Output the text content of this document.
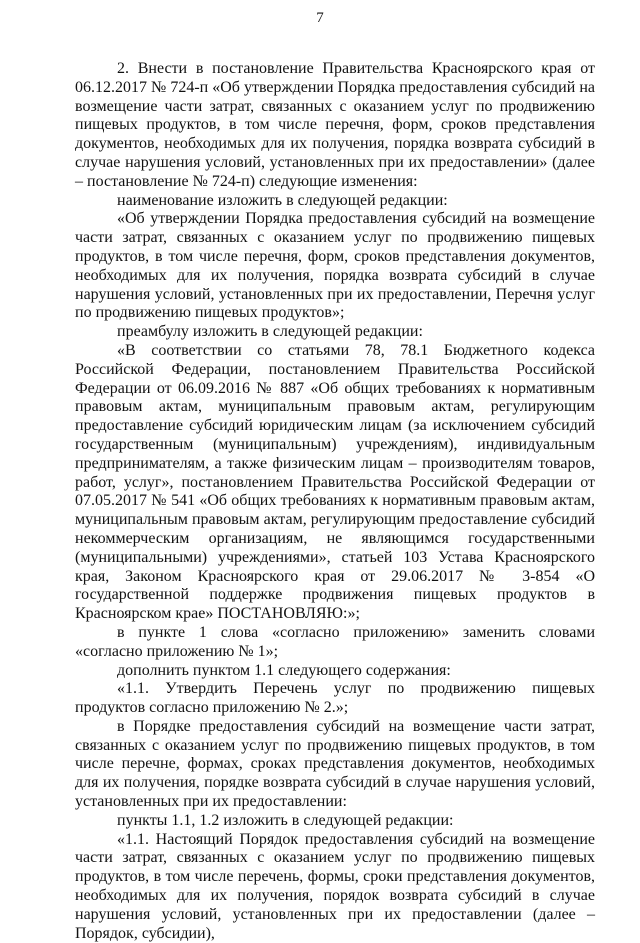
7

2. Внести в постановление Правительства Красноярского края от 06.12.2017 № 724-п «Об утверждении Порядка предоставления субсидий на возмещение части затрат, связанных с оказанием услуг по продвижению пищевых продуктов, в том числе перечня, форм, сроков представления документов, необходимых для их получения, порядка возврата субсидий в случае нарушения условий, установленных при их предоставлении» (далее – постановление № 724-п) следующие изменения:

наименование изложить в следующей редакции:

«Об утверждении Порядка предоставления субсидий на возмещение части затрат, связанных с оказанием услуг по продвижению пищевых продуктов, в том числе перечня, форм, сроков представления документов, необходимых для их получения, порядка возврата субсидий в случае нарушения условий, установленных при их предоставлении, Перечня услуг по продвижению пищевых продуктов»;

преамбулу изложить в следующей редакции:

«В соответствии со статьями 78, 78.1 Бюджетного кодекса Российской Федерации, постановлением Правительства Российской Федерации от 06.09.2016 № 887 «Об общих требованиях к нормативным правовым актам, муниципальным правовым актам, регулирующим предоставление субсидий юридическим лицам (за исключением субсидий государственным (муниципальным) учреждениям), индивидуальным предпринимателям, а также физическим лицам – производителям товаров, работ, услуг», постановлением Правительства Российской Федерации от 07.05.2017 № 541 «Об общих требованиях к нормативным правовым актам, муниципальным правовым актам, регулирующим предоставление субсидий некоммерческим организациям, не являющимся государственными (муниципальными) учреждениями», статьей 103 Устава Красноярского края, Законом Красноярского края от 29.06.2017 № 3-854 «О государственной поддержке продвижения пищевых продуктов в Красноярском крае» ПОСТАНОВЛЯЮ:»;

в пункте 1 слова «согласно приложению» заменить словами «согласно приложению № 1»;

дополнить пунктом 1.1 следующего содержания:

«1.1. Утвердить Перечень услуг по продвижению пищевых продуктов согласно приложению № 2.»;

в Порядке предоставления субсидий на возмещение части затрат, связанных с оказанием услуг по продвижению пищевых продуктов, в том числе перечне, формах, сроках представления документов, необходимых для их получения, порядке возврата субсидий в случае нарушения условий, установленных при их предоставлении:

пункты 1.1, 1.2 изложить в следующей редакции:

«1.1. Настоящий Порядок предоставления субсидий на возмещение части затрат, связанных с оказанием услуг по продвижению пищевых продуктов, в том числе перечень, формы, сроки представления документов, необходимых для их получения, порядок возврата субсидий в случае нарушения условий, установленных при их предоставлении (далее – Порядок, субсидии),
